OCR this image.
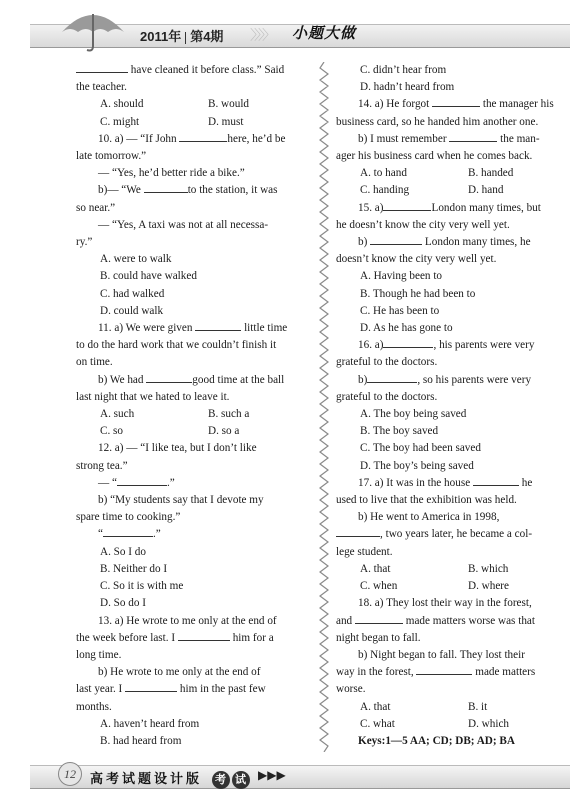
2011年 第4期 〉〉〉〉 小题大做

have cleaned it before class.” Said

the teacher.

A. should	B. would

C. might	D. must

10. a) — “If John	here, he’d be

late tomorrow.”

— “Yes, he’d better ride a bike.”

b)— “We	to the station, it was

so near.”

— “Yes, A taxi was not at all necessa-

ry.”

A. were to walk

B. could have walked

C. had walked

D. could walk

11. a) We were given	little time

to do the hard work that we couldn’t finish it

on time.

b) We had	good time at the ball

last night that we hated to leave it.

A. such	B. such a

C. so	D. so a

12. a) — “I like tea, but I don’t like

strong tea.”

— “	.”

b) “My students say that I devote my

spare time to cooking.”

“	.”

A. So I do

B. Neither do I

C. So it is with me

D. So do I

13. a) He wrote to me only at the end of

the week before last. I	him for a

long time.

b) He wrote to me only at the end of

last year. I	him in the past few

months.

A. haven’t heard from

B. had heard from

C. didn’t hear from

D. hadn’t heard from

14. a) He forgot	the manager his

business card, so he handed him another one.

b) I must remember	the man-

ager his business card when he comes back.

A. to hand	B. handed

C. handing	D. hand

15. a)	London many times, but

he doesn’t know the city very well yet.

b)	London many times, he

doesn’t know the city very well yet.

A. Having been to

B. Though he had been to

C. He has been to

D. As he has gone to

16. a)	, his parents were very

grateful to the doctors.

b)	, so his parents were very

grateful to the doctors.

A. The boy being saved

B. The boy saved

C. The boy had been saved

D. The boy’s being saved

17. a) It was in the house	he

used to live that the exhibition was held.

b) He went to America in 1998,

, two years later, he became a col-

lege student.

A. that	B. which

C. when	D. where

18. a) They lost their way in the forest,

and	made matters worse was that

night began to fall.

b) Night began to fall. They lost their

way in the forest,	made matters

worse.

A. that	B. it

C. what	D. which

Keys:1—5 AA; CD; DB; AD; BA

12	高考试题设计版 考 试 ▶▶▶
